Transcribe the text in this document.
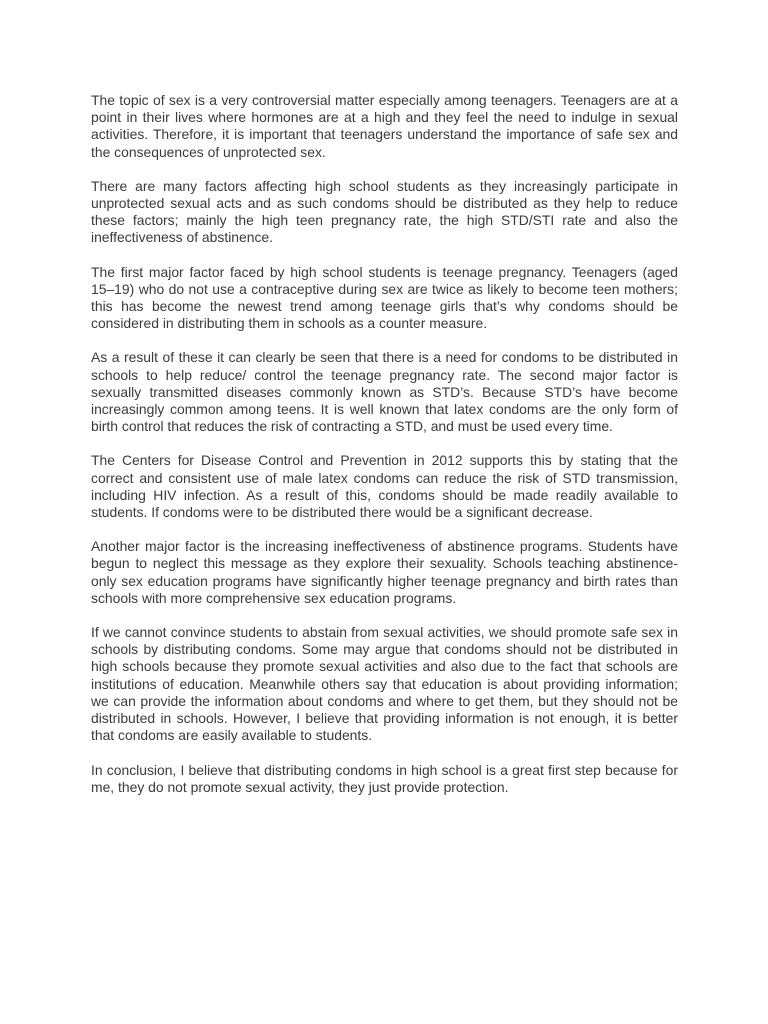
The topic of sex is a very controversial matter especially among teenagers. Teenagers are at a point in their lives where hormones are at a high and they feel the need to indulge in sexual activities. Therefore, it is important that teenagers understand the importance of safe sex and the consequences of unprotected sex.

There are many factors affecting high school students as they increasingly participate in unprotected sexual acts and as such condoms should be distributed as they help to reduce these factors; mainly the high teen pregnancy rate, the high STD/STI rate and also the ineffectiveness of abstinence.

The first major factor faced by high school students is teenage pregnancy. Teenagers (aged 15–19) who do not use a contraceptive during sex are twice as likely to become teen mothers; this has become the newest trend among teenage girls that’s why condoms should be considered in distributing them in schools as a counter measure.

As a result of these it can clearly be seen that there is a need for condoms to be distributed in schools to help reduce/ control the teenage pregnancy rate. The second major factor is sexually transmitted diseases commonly known as STD’s. Because STD’s have become increasingly common among teens. It is well known that latex condoms are the only form of birth control that reduces the risk of contracting a STD, and must be used every time.

The Centers for Disease Control and Prevention in 2012 supports this by stating that the correct and consistent use of male latex condoms can reduce the risk of STD transmission, including HIV infection. As a result of this, condoms should be made readily available to students. If condoms were to be distributed there would be a significant decrease.

Another major factor is the increasing ineffectiveness of abstinence programs. Students have begun to neglect this message as they explore their sexuality. Schools teaching abstinence-only sex education programs have significantly higher teenage pregnancy and birth rates than schools with more comprehensive sex education programs.

If we cannot convince students to abstain from sexual activities, we should promote safe sex in schools by distributing condoms. Some may argue that condoms should not be distributed in high schools because they promote sexual activities and also due to the fact that schools are institutions of education. Meanwhile others say that education is about providing information; we can provide the information about condoms and where to get them, but they should not be distributed in schools. However, I believe that providing information is not enough, it is better that condoms are easily available to students.

In conclusion, I believe that distributing condoms in high school is a great first step because for me, they do not promote sexual activity, they just provide protection.
